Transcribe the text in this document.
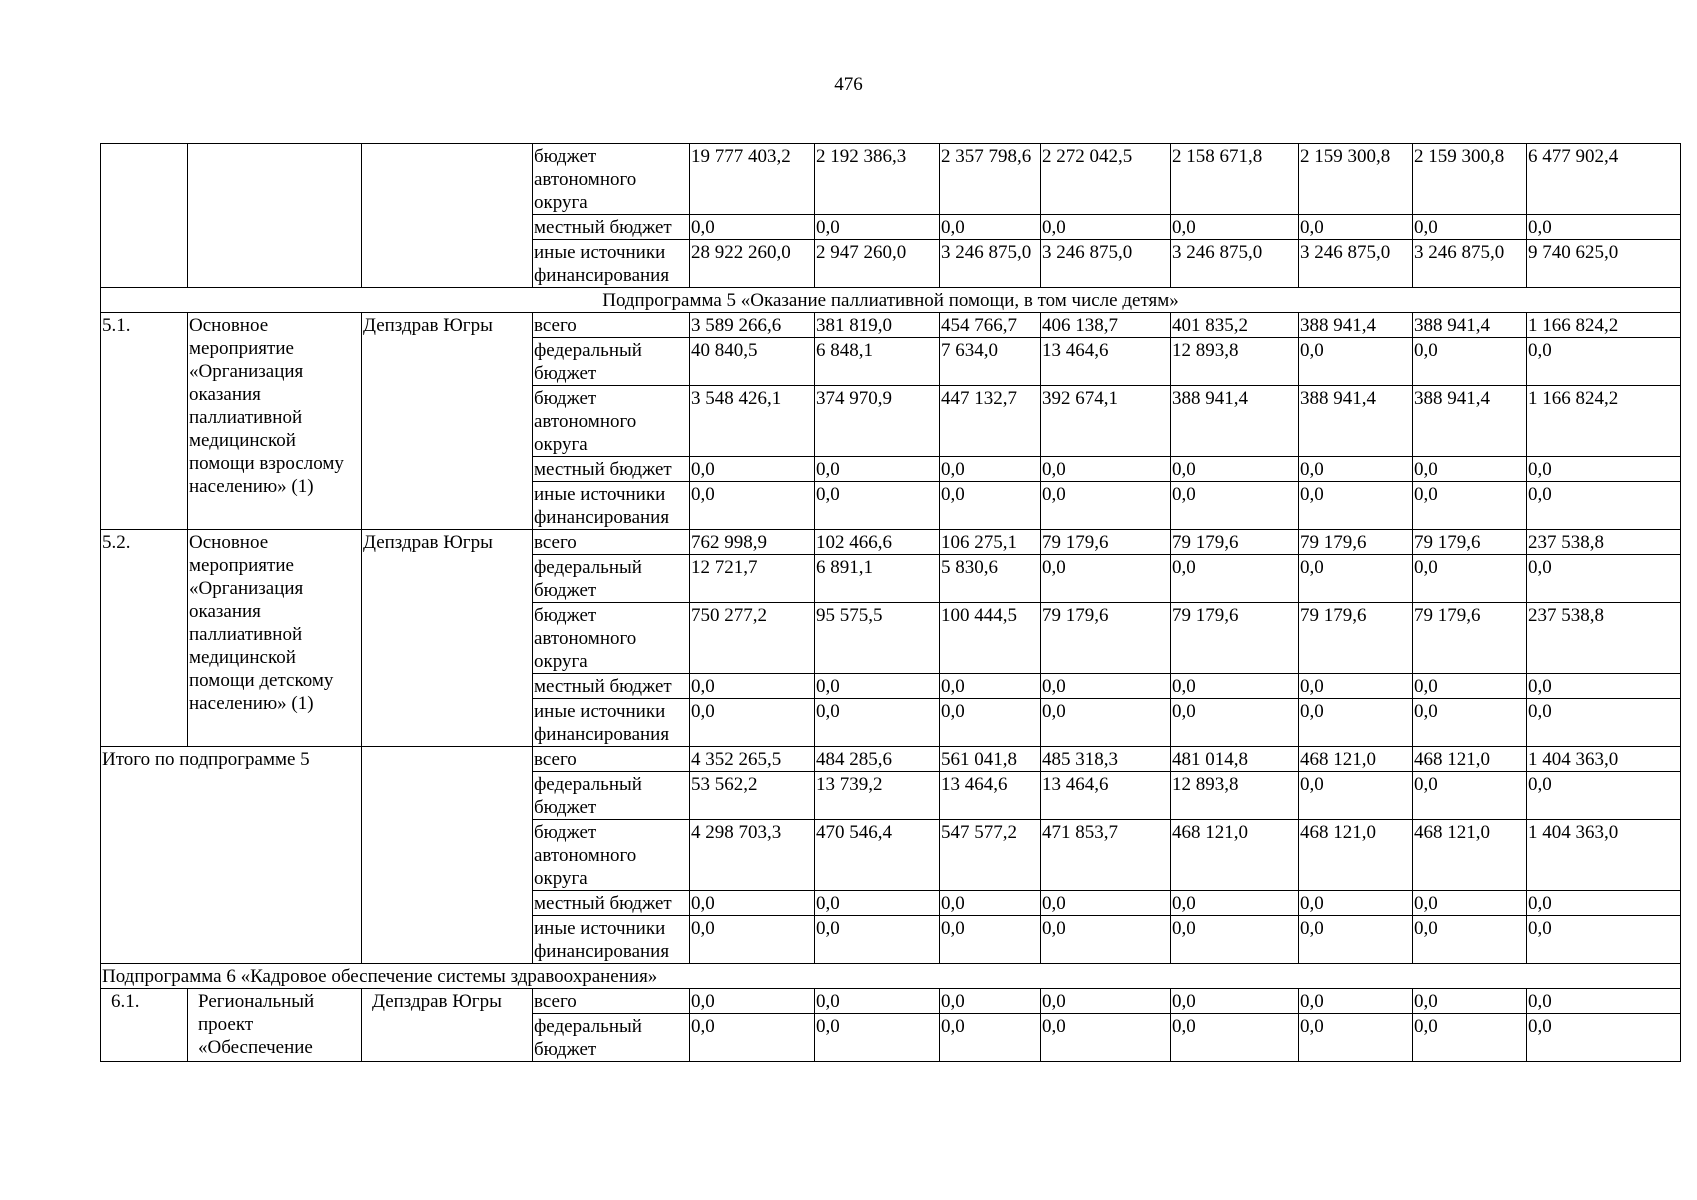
476
			бюджет автономного округа	19 777 403,2	2 192 386,3	2 357 798,6	2 272 042,5	2 158 671,8	2 159 300,8	2 159 300,8	6 477 902,4
			местный бюджет	0,0	0,0	0,0	0,0	0,0	0,0	0,0	0,0
			иные источники финансирования	28 922 260,0	2 947 260,0	3 246 875,0	3 246 875,0	3 246 875,0	3 246 875,0	3 246 875,0	9 740 625,0
Подпрограмма 5 «Оказание паллиативной помощи, в том числе детям»											
5.1.	Основное мероприятие «Организация оказания паллиативной медицинской помощи взрослому населению» (1)	Депздрав Югры	всего	3 589 266,6	381 819,0	454 766,7	406 138,7	401 835,2	388 941,4	388 941,4	1 166 824,2
			федеральный бюджет	40 840,5	6 848,1	7 634,0	13 464,6	12 893,8	0,0	0,0	0,0
			бюджет автономного округа	3 548 426,1	374 970,9	447 132,7	392 674,1	388 941,4	388 941,4	388 941,4	1 166 824,2
			местный бюджет	0,0	0,0	0,0	0,0	0,0	0,0	0,0	0,0
			иные источники финансирования	0,0	0,0	0,0	0,0	0,0	0,0	0,0	0,0
5.2.	Основное мероприятие «Организация оказания паллиативной медицинской помощи детскому населению» (1)	Депздрав Югры	всего	762 998,9	102 466,6	106 275,1	79 179,6	79 179,6	79 179,6	79 179,6	237 538,8
			федеральный бюджет	12 721,7	6 891,1	5 830,6	0,0	0,0	0,0	0,0	0,0
			бюджет автономного округа	750 277,2	95 575,5	100 444,5	79 179,6	79 179,6	79 179,6	79 179,6	237 538,8
			местный бюджет	0,0	0,0	0,0	0,0	0,0	0,0	0,0	0,0
			иные источники финансирования	0,0	0,0	0,0	0,0	0,0	0,0	0,0	0,0
Итого по подпрограмме 5			всего	4 352 265,5	484 285,6	561 041,8	485 318,3	481 014,8	468 121,0	468 121,0	1 404 363,0
			федеральный бюджет	53 562,2	13 739,2	13 464,6	13 464,6	12 893,8	0,0	0,0	0,0
			бюджет автономного округа	4 298 703,3	470 546,4	547 577,2	471 853,7	468 121,0	468 121,0	468 121,0	1 404 363,0
			местный бюджет	0,0	0,0	0,0	0,0	0,0	0,0	0,0	0,0
			иные источники финансирования	0,0	0,0	0,0	0,0	0,0	0,0	0,0	0,0
Подпрограмма 6 «Кадровое обеспечение системы здравоохранения»											
6.1.	Региональный проект «Обеспечение	Депздрав Югры	всего	0,0	0,0	0,0	0,0	0,0	0,0	0,0	0,0
			федеральный бюджет	0,0	0,0	0,0	0,0	0,0	0,0	0,0	0,0
